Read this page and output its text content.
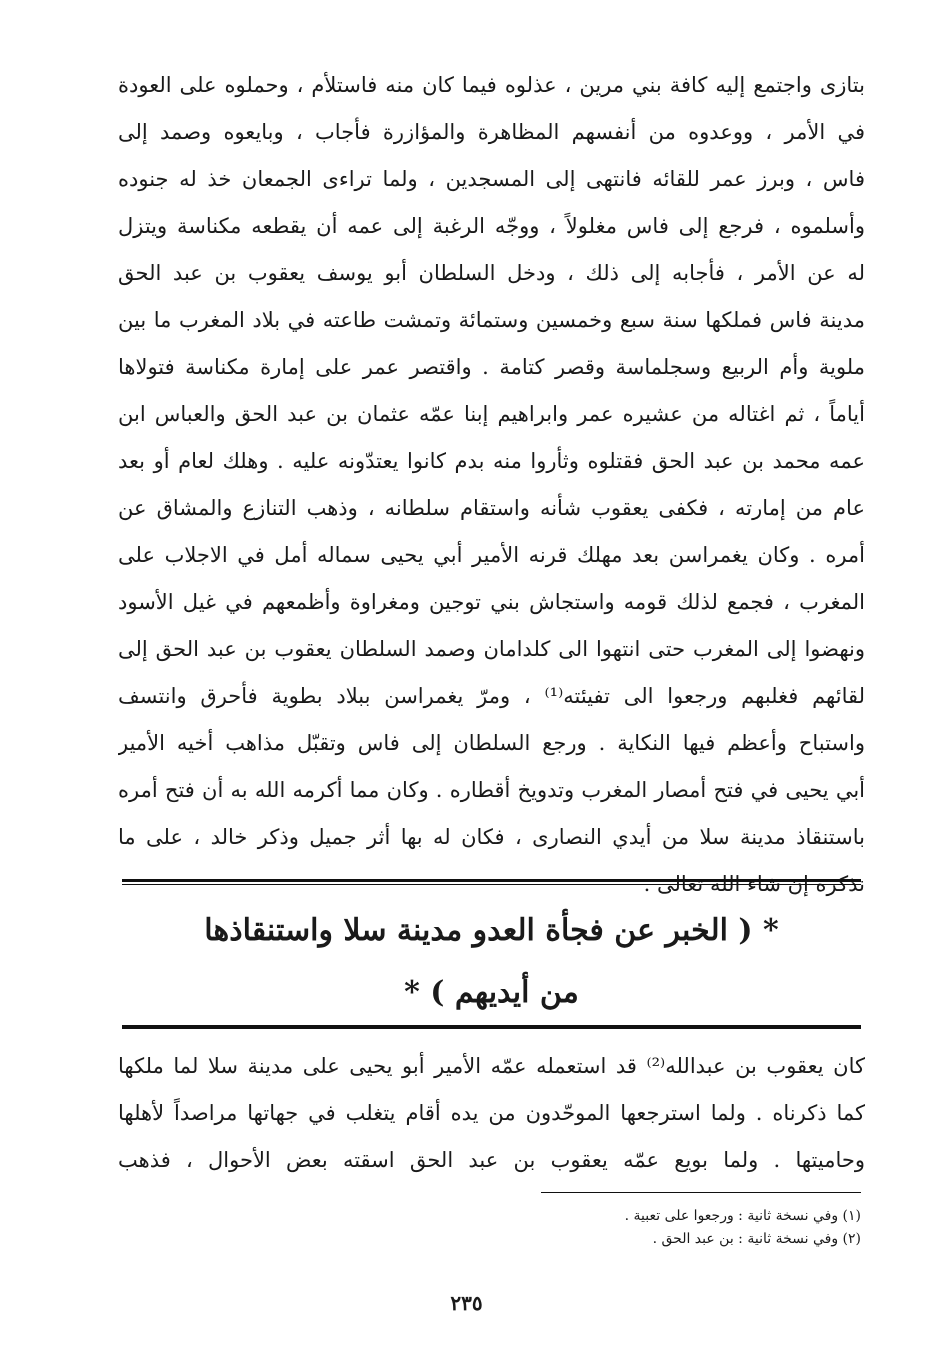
بتازى واجتمع إليه كافة بني مرين ، عذلوه فيما كان منه فاستلأم ، وحملوه على العودة
في الأمر ، ووعدوه من أنفسهم المظاهرة والمؤازرة فأجاب ، وبايعوه وصمد إلى
فاس ، وبرز عمر للقائه فانتهى إلى المسجدين ، ولما تراءى الجمعان خذ له جنوده
وأسلموه ، فرجع إلى فاس مغلولاً ، ووجّه الرغبة إلى عمه أن يقطعه مكناسة ويتزل
له عن الأمر ، فأجابه إلى ذلك ، ودخل السلطان أبو يوسف يعقوب بن عبد الحق
مدينة فاس فملكها سنة سبع وخمسين وستمائة وتمشت طاعته في بلاد المغرب ما بين
ملوية وأم الربيع وسجلماسة وقصر كتامة . واقتصر عمر على إمارة مكناسة فتولاها
أياماً ، ثم اغتاله من عشيره عمر وابراهيم إبنا عمّه عثمان بن عبد الحق والعباس ابن
عمه محمد بن عبد الحق فقتلوه وثأروا منه بدم كانوا يعتدّونه عليه . وهلك لعام أو بعد
عام من إمارته ، فكفى يعقوب شأنه واستقام سلطانه ، وذهب التنازع والمشاق عن
أمره . وكان يغمراسن بعد مهلك قرنه الأمير أبي يحيى سماله أمل في الاجلاب على
المغرب ، فجمع لذلك قومه واستجاش بني توجين ومغراوة وأظمعهم في غيل الأسود
ونهضوا إلى المغرب حتى انتهوا الى كلدامان وصمد السلطان يعقوب بن عبد الحق إلى
لقائهم فغلبهم ورجعوا الى تفيئته⁽¹⁾ ، ومرّ يغمراسن ببلاد بطوية فأحرق وانتسف
واستباح وأعظم فيها النكاية . ورجع السلطان إلى فاس وتقبّل مذاهب أخيه الأمير
أبي يحيى في فتح أمصار المغرب وتدويخ أقطاره . وكان مما أكرمه الله به أن فتح أمره
باستنقاذ مدينة سلا من أيدي النصارى ، فكان له بها أثر جميل وذكر خالد ، على ما
نذكره إن شاء الله تعالى .
* ( الخبر عن فجأة العدو مدينة سلا واستنقاذها
من أيديهم ) *
كان يعقوب بن عبدالله⁽²⁾ قد استعمله عمّه الأمير أبو يحيى على مدينة سلا لما ملكها
كما ذكرناه . ولما استرجعها الموحّدون من يده أقام يتغلب في جهاتها مراصداً لأهلها
وحاميتها . ولما بويع عمّه يعقوب بن عبد الحق اسقته بعض الأحوال ، فذهب
(١) وفي نسخة ثانية : ورجعوا على تعبية .
(٢) وفي نسخة ثانية : بن عبد الحق .
٢٣٥
